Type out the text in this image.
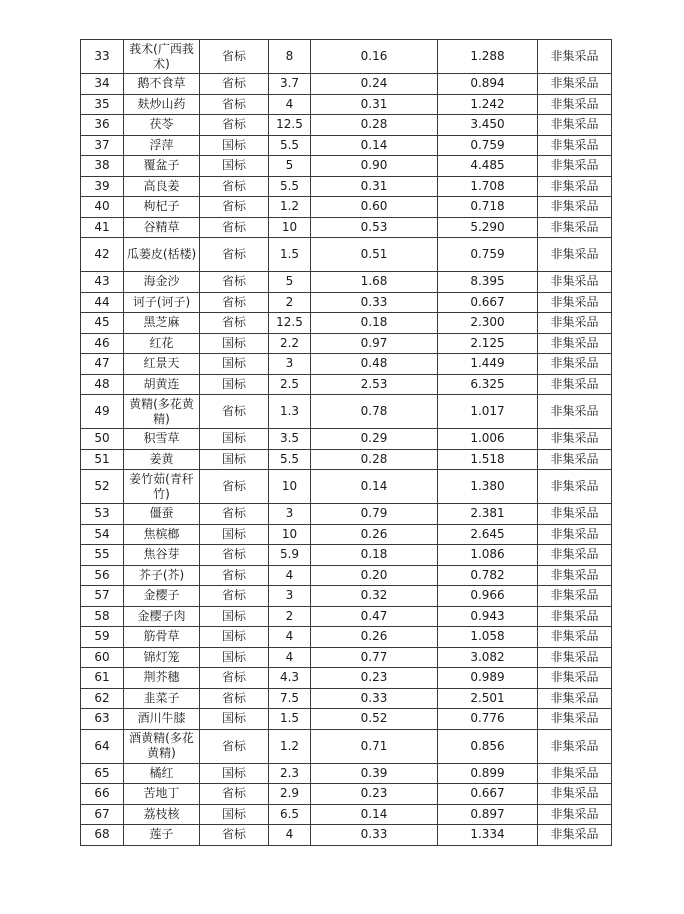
33	莪术(广西莪术)	省标	8	0.16	1.288	非集采品
34	鹅不食草	省标	3.7	0.24	0.894	非集采品
35	麸炒山药	省标	4	0.31	1.242	非集采品
36	茯苓	省标	12.5	0.28	3.450	非集采品
37	浮萍	国标	5.5	0.14	0.759	非集采品
38	覆盆子	国标	5	0.90	4.485	非集采品
39	高良姜	省标	5.5	0.31	1.708	非集采品
40	枸杞子	省标	1.2	0.60	0.718	非集采品
41	谷精草	省标	10	0.53	5.290	非集采品
42	瓜蒌皮(栝楼)	省标	1.5	0.51	0.759	非集采品
43	海金沙	省标	5	1.68	8.395	非集采品
44	诃子(诃子)	省标	2	0.33	0.667	非集采品
45	黑芝麻	省标	12.5	0.18	2.300	非集采品
46	红花	国标	2.2	0.97	2.125	非集采品
47	红景天	国标	3	0.48	1.449	非集采品
48	胡黄连	国标	2.5	2.53	6.325	非集采品
49	黄精(多花黄精)	省标	1.3	0.78	1.017	非集采品
50	积雪草	国标	3.5	0.29	1.006	非集采品
51	姜黄	国标	5.5	0.28	1.518	非集采品
52	姜竹茹(青秆竹)	省标	10	0.14	1.380	非集采品
53	僵蚕	省标	3	0.79	2.381	非集采品
54	焦槟榔	国标	10	0.26	2.645	非集采品
55	焦谷芽	省标	5.9	0.18	1.086	非集采品
56	芥子(芥)	省标	4	0.20	0.782	非集采品
57	金樱子	省标	3	0.32	0.966	非集采品
58	金樱子肉	国标	2	0.47	0.943	非集采品
59	筋骨草	国标	4	0.26	1.058	非集采品
60	锦灯笼	国标	4	0.77	3.082	非集采品
61	荆芥穗	省标	4.3	0.23	0.989	非集采品
62	韭菜子	省标	7.5	0.33	2.501	非集采品
63	酒川牛膝	国标	1.5	0.52	0.776	非集采品
64	酒黄精(多花黄精)	省标	1.2	0.71	0.856	非集采品
65	橘红	国标	2.3	0.39	0.899	非集采品
66	苦地丁	省标	2.9	0.23	0.667	非集采品
67	荔枝核	国标	6.5	0.14	0.897	非集采品
68	莲子	省标	4	0.33	1.334	非集采品
